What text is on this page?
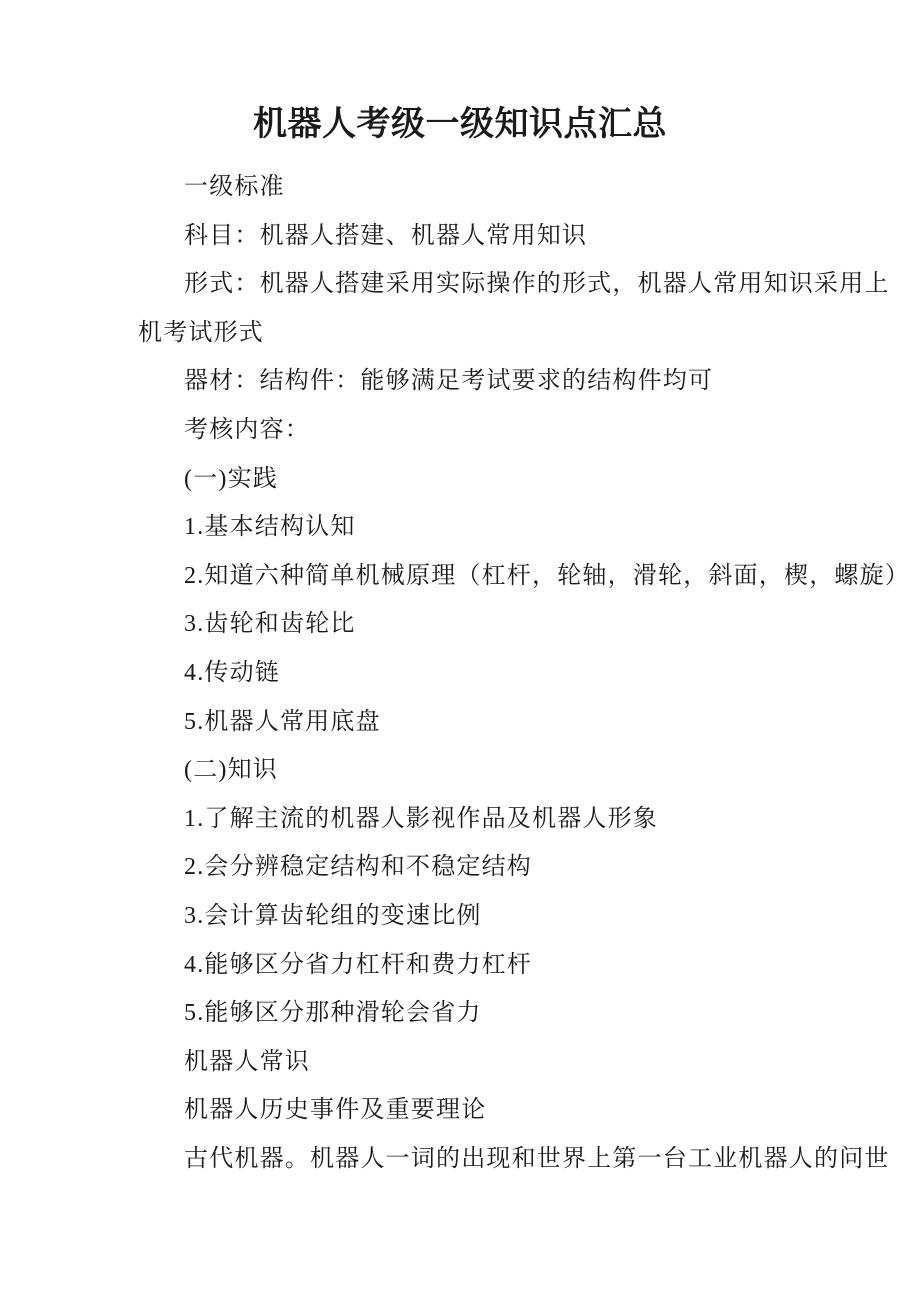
机器人考级一级知识点汇总

一级标准

科目：机器人搭建、机器人常用知识

形式：机器人搭建采用实际操作的形式，机器人常用知识采用上

机考试形式

器材：结构件：能够满足考试要求的结构件均可

考核内容：

(一)实践

1.基本结构认知

2.知道六种简单机械原理（杠杆，轮轴，滑轮，斜面，楔，螺旋）

3.齿轮和齿轮比

4.传动链

5.机器人常用底盘

(二)知识

1.了解主流的机器人影视作品及机器人形象

2.会分辨稳定结构和不稳定结构

3.会计算齿轮组的变速比例

4.能够区分省力杠杆和费力杠杆

5.能够区分那种滑轮会省力

机器人常识

机器人历史事件及重要理论

古代机器。机器人一词的出现和世界上第一台工业机器人的问世
